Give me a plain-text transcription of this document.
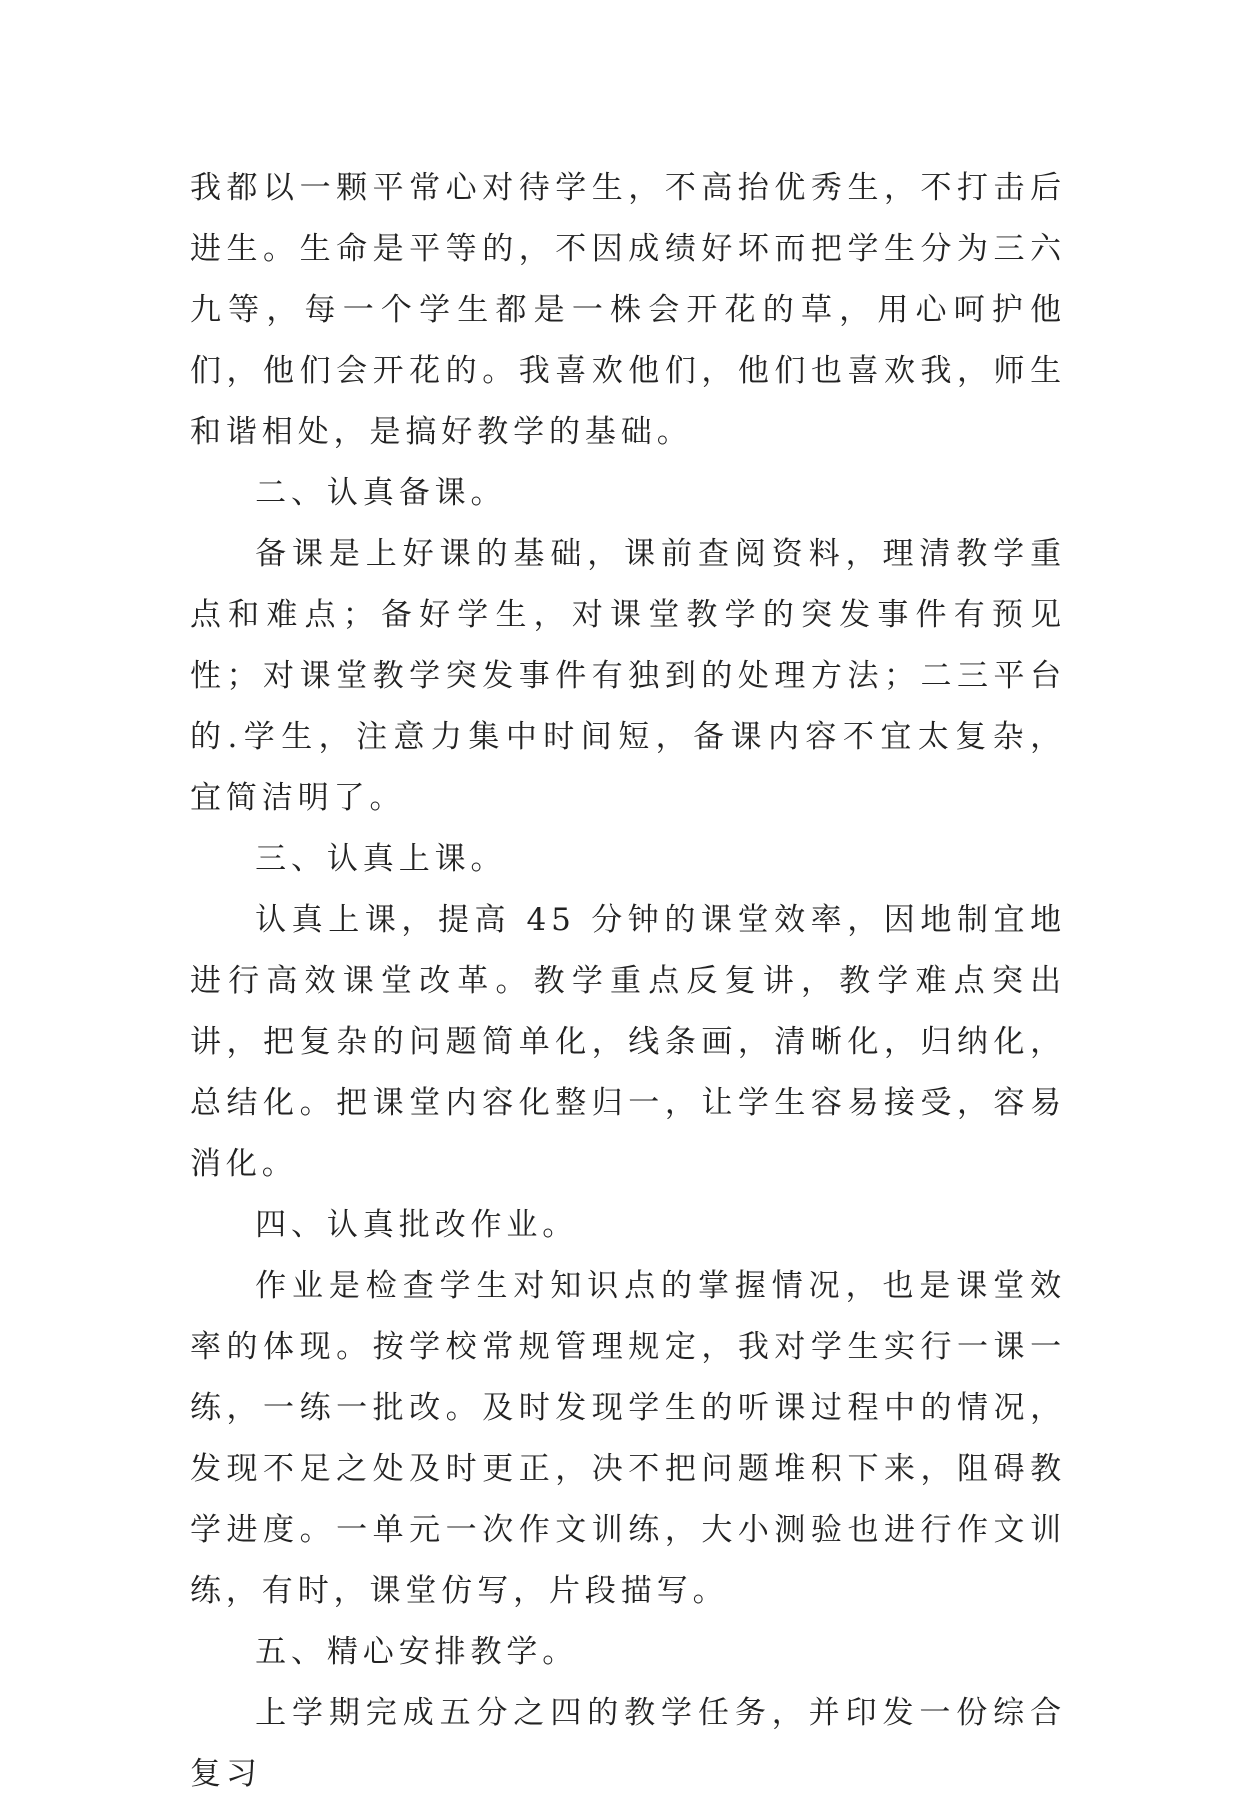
我都以一颗平常心对待学生，不高抬优秀生，不打击后进生。生命是平等的，不因成绩好坏而把学生分为三六九等，每一个学生都是一株会开花的草，用心呵护他们，他们会开花的。我喜欢他们，他们也喜欢我，师生和谐相处，是搞好教学的基础。

二、认真备课。

备课是上好课的基础，课前查阅资料，理清教学重点和难点；备好学生，对课堂教学的突发事件有预见性；对课堂教学突发事件有独到的处理方法；二三平台的.学生，注意力集中时间短，备课内容不宜太复杂，宜简洁明了。

三、认真上课。

认真上课，提高 45 分钟的课堂效率，因地制宜地进行高效课堂改革。教学重点反复讲，教学难点突出讲，把复杂的问题简单化，线条画，清晰化，归纳化，总结化。把课堂内容化整归一，让学生容易接受，容易消化。

四、认真批改作业。

作业是检查学生对知识点的掌握情况，也是课堂效率的体现。按学校常规管理规定，我对学生实行一课一练，一练一批改。及时发现学生的听课过程中的情况，发现不足之处及时更正，决不把问题堆积下来，阻碍教学进度。一单元一次作文训练，大小测验也进行作文训练，有时，课堂仿写，片段描写。

五、精心安排教学。

上学期完成五分之四的教学任务，并印发一份综合复习
